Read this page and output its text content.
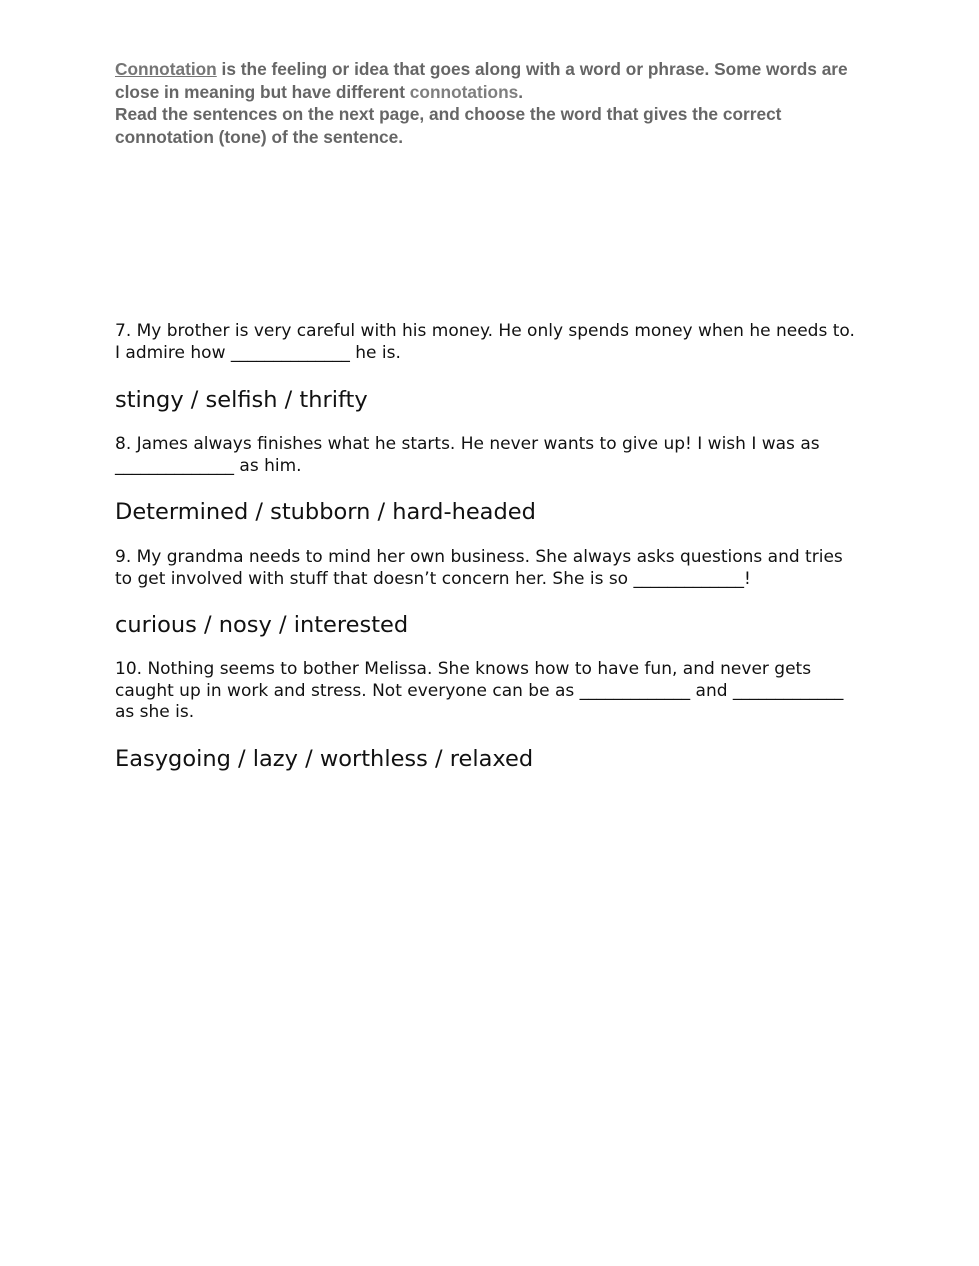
Connotation is the feeling or idea that goes along with a word or phrase. Some words are close in meaning but have different connotations.

Read the sentences on the next page, and choose the word that gives the correct connotation (tone) of the sentence.

7. My brother is very careful with his money. He only spends money when he needs to. I admire how ______________ he is.

stingy / selfish / thrifty

8. James always finishes what he starts. He never wants to give up! I wish I was as ______________ as him.

Determined / stubborn / hard-headed

9. My grandma needs to mind her own business. She always asks questions and tries to get involved with stuff that doesn’t concern her. She is so _____________!

curious / nosy / interested

10. Nothing seems to bother Melissa. She knows how to have fun, and never gets caught up in work and stress. Not everyone can be as _____________ and _____________ as she is.

Easygoing / lazy / worthless / relaxed
